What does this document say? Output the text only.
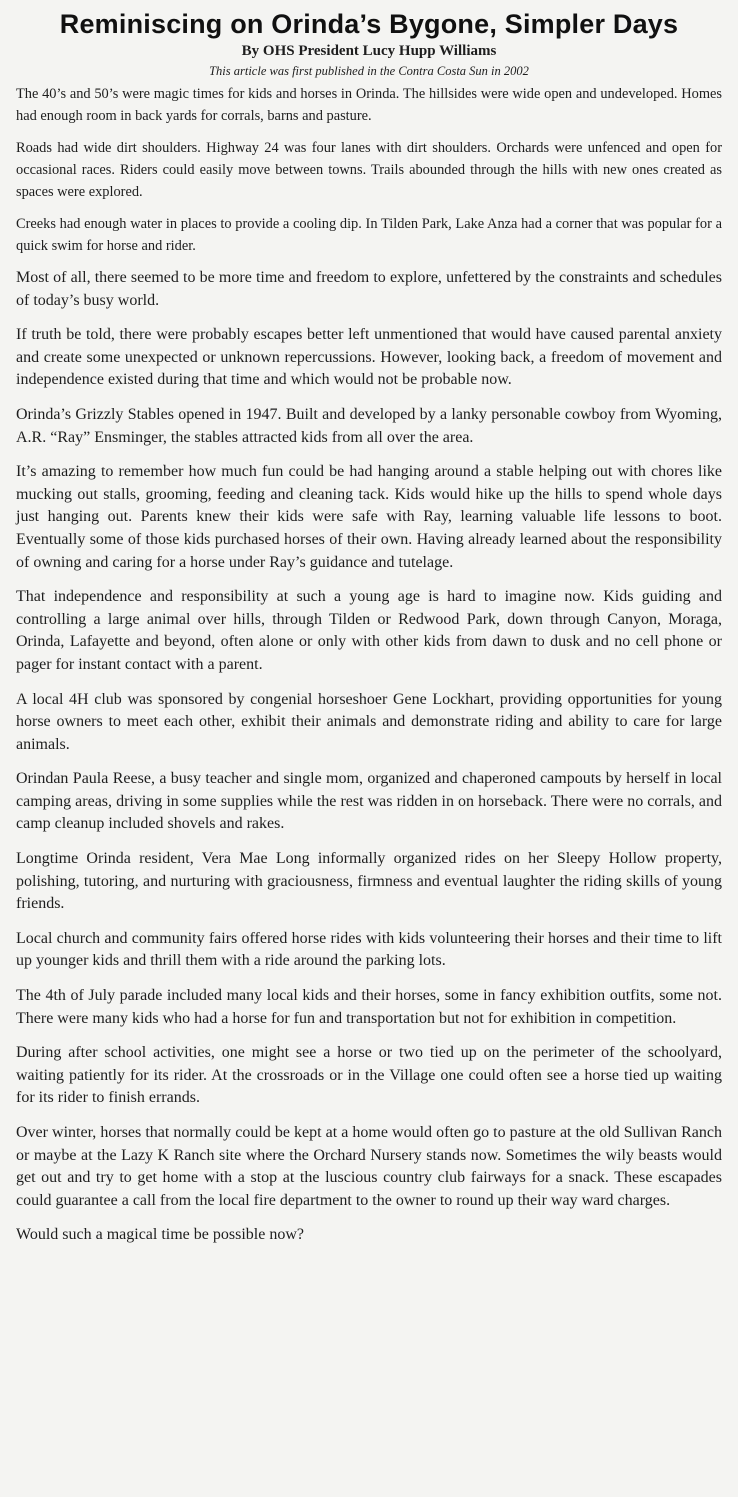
Reminiscing on Orinda’s Bygone, Simpler Days
By OHS President Lucy Hupp Williams
This article was first published in the Contra Costa Sun in 2002

The 40’s and 50’s were magic times for kids and horses in Orinda. The hillsides were wide open and undeveloped. Homes had enough room in back yards for corrals, barns and pasture.

Roads had wide dirt shoulders. Highway 24 was four lanes with dirt shoulders. Orchards were unfenced and open for occasional races. Riders could easily move between towns. Trails abounded through the hills with new ones created as spaces were explored.

Creeks had enough water in places to provide a cooling dip. In Tilden Park, Lake Anza had a corner that was popular for a quick swim for horse and rider.

Most of all, there seemed to be more time and freedom to explore, unfettered by the constraints and schedules of today’s busy world.

If truth be told, there were probably escapes better left unmentioned that would have caused parental anxiety and create some unexpected or unknown repercussions. However, looking back, a freedom of movement and independence existed during that time and which would not be probable now.

Orinda’s Grizzly Stables opened in 1947. Built and developed by a lanky personable cowboy from Wyoming, A.R. “Ray” Ensminger, the stables attracted kids from all over the area.

It’s amazing to remember how much fun could be had hanging around a stable helping out with chores like mucking out stalls, grooming, feeding and cleaning tack. Kids would hike up the hills to spend whole days just hanging out. Parents knew their kids were safe with Ray, learning valuable life lessons to boot. Eventually some of those kids purchased horses of their own. Having already learned about the responsibility of owning and caring for a horse under Ray’s guidance and tutelage.

That independence and responsibility at such a young age is hard to imagine now. Kids guiding and controlling a large animal over hills, through Tilden or Redwood Park, down through Canyon, Moraga, Orinda, Lafayette and beyond, often alone or only with other kids from dawn to dusk and no cell phone or pager for instant contact with a parent.

A local 4H club was sponsored by congenial horseshoer Gene Lockhart, providing opportunities for young horse owners to meet each other, exhibit their animals and demonstrate riding and ability to care for large animals.

Orindan Paula Reese, a busy teacher and single mom, organized and chaperoned campouts by herself in local camping areas, driving in some supplies while the rest was ridden in on horseback. There were no corrals, and camp cleanup included shovels and rakes.

Longtime Orinda resident, Vera Mae Long informally organized rides on her Sleepy Hollow property, polishing, tutoring, and nurturing with graciousness, firmness and eventual laughter the riding skills of young friends.

Local church and community fairs offered horse rides with kids volunteering their horses and their time to lift up younger kids and thrill them with a ride around the parking lots.

The 4th of July parade included many local kids and their horses, some in fancy exhibition outfits, some not. There were many kids who had a horse for fun and transportation but not for exhibition in competition.

During after school activities, one might see a horse or two tied up on the perimeter of the schoolyard, waiting patiently for its rider. At the crossroads or in the Village one could often see a horse tied up waiting for its rider to finish errands.

Over winter, horses that normally could be kept at a home would often go to pasture at the old Sullivan Ranch or maybe at the Lazy K Ranch site where the Orchard Nursery stands now. Sometimes the wily beasts would get out and try to get home with a stop at the luscious country club fairways for a snack. These escapades could guarantee a call from the local fire department to the owner to round up their way ward charges.

Would such a magical time be possible now?
